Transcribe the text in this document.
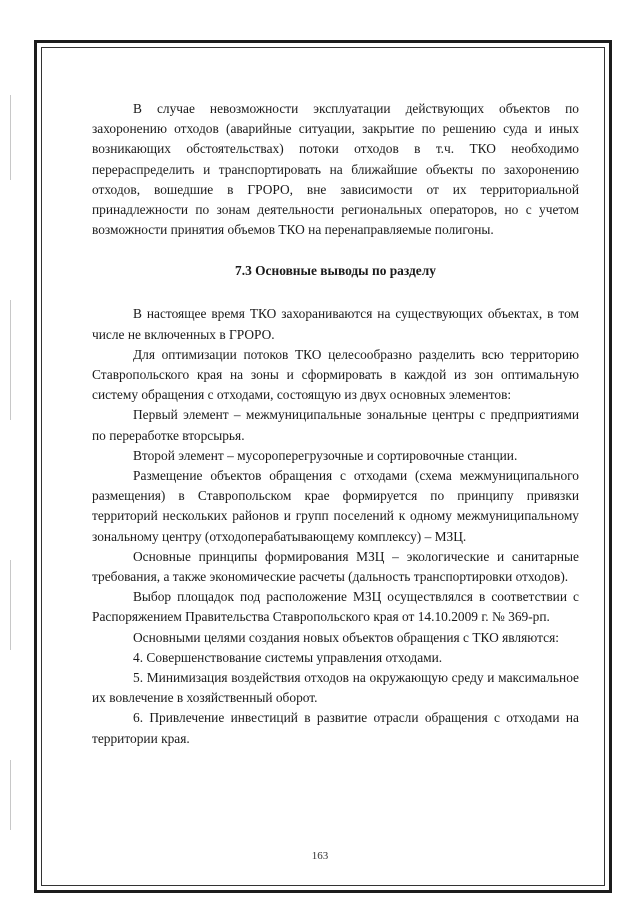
В случае невозможности эксплуатации действующих объектов по захоронению отходов (аварийные ситуации, закрытие по решению суда и иных возникающих обстоятельствах) потоки отходов в т.ч. ТКО необходимо перераспределить и транспортировать на ближайшие объекты по захоронению отходов, вошедшие в ГРОРО, вне зависимости от их территориальной принадлежности по зонам деятельности региональных операторов, но с учетом возможности принятия объемов ТКО на перенаправляемые полигоны.

7.3 Основные выводы по разделу

В настоящее время ТКО захораниваются на существующих объектах, в том числе не включенных в ГРОРО.

Для оптимизации потоков ТКО целесообразно разделить всю территорию Ставропольского края на зоны и сформировать в каждой из зон оптимальную систему обращения с отходами, состоящую из двух основных элементов:

Первый элемент – межмуниципальные зональные центры с предприятиями по переработке вторсырья.

Второй элемент – мусороперегрузочные и сортировочные станции.

Размещение объектов обращения с отходами (схема межмуниципального размещения) в Ставропольском крае формируется по принципу привязки территорий нескольких районов и групп поселений к одному межмуниципальному зональному центру (отходоперабатывающему комплексу) – МЗЦ.

Основные принципы формирования МЗЦ – экологические и санитарные требования, а также экономические расчеты (дальность транспортировки отходов).

Выбор площадок под расположение МЗЦ осуществлялся в соответствии с Распоряжением Правительства Ставропольского края от 14.10.2009 г. № 369-рп.

Основными целями создания новых объектов обращения с ТКО являются:

4. Совершенствование системы управления отходами.

5. Минимизация воздействия отходов на окружающую среду и максимальное их вовлечение в хозяйственный оборот.

6. Привлечение инвестиций в развитие отрасли обращения с отходами на территории края.

163
